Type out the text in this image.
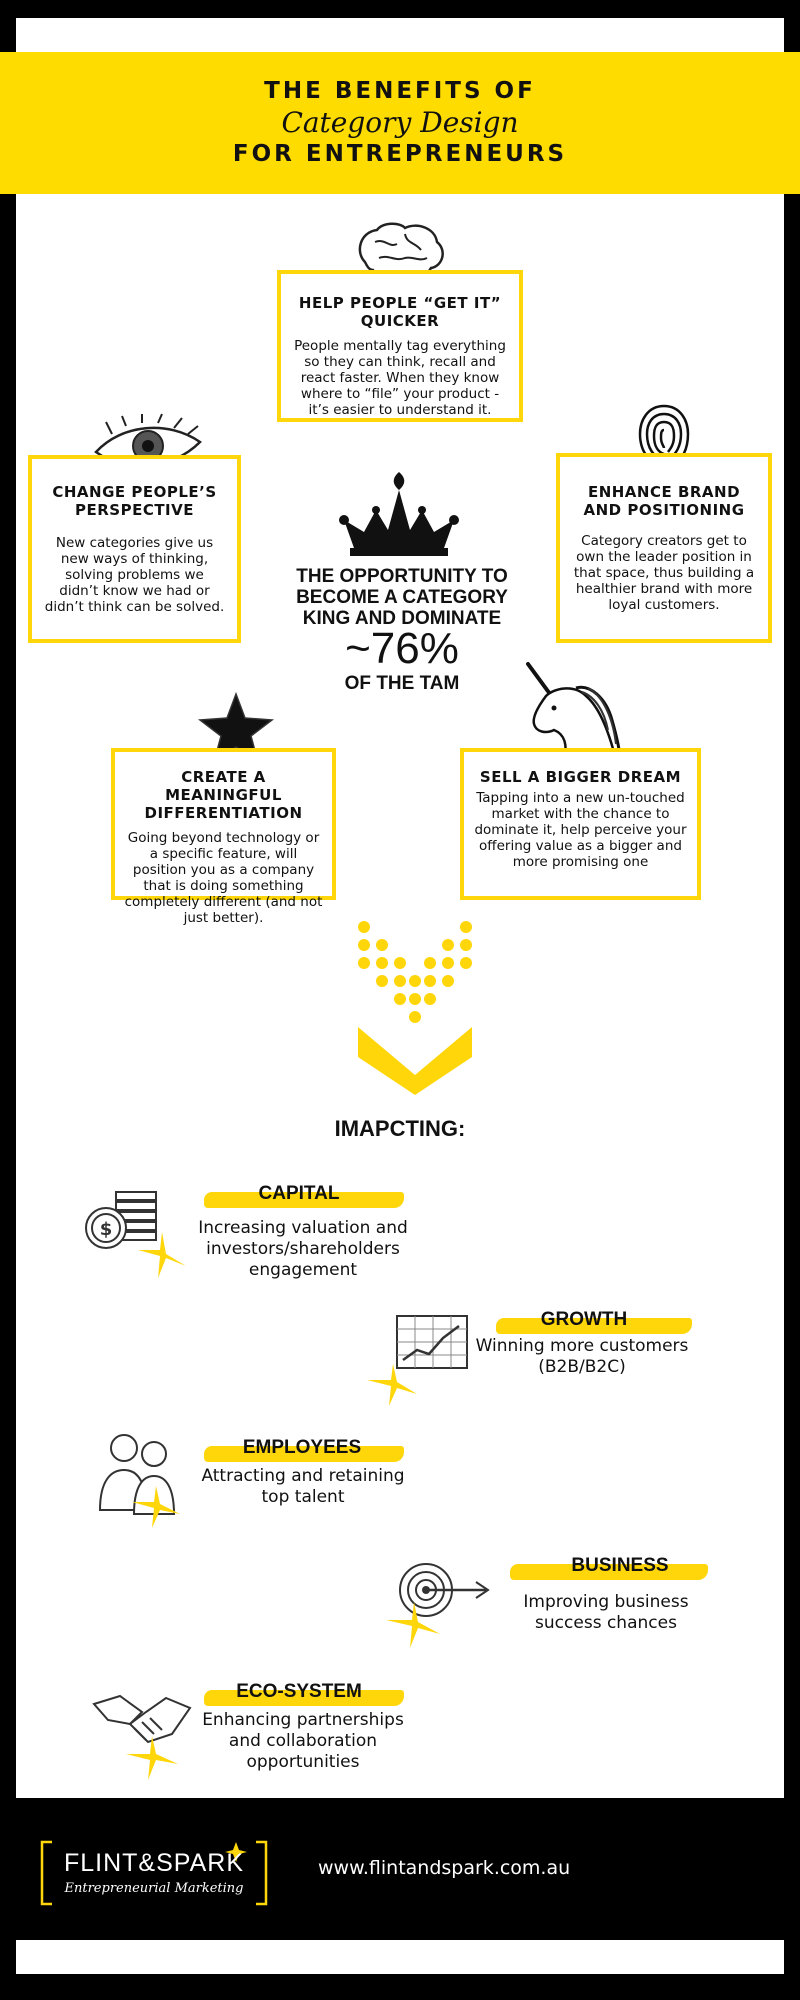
THE BENEFITS OF
Category Design
FOR ENTREPRENEURS
HELP PEOPLE “GET IT” QUICKER
People mentally tag everything so they can think, recall and react faster. When they know where to “file” your product - it’s easier to understand it.
CHANGE PEOPLE’S PERSPECTIVE
New categories give us new ways of thinking, solving problems we didn’t know we had or didn’t think can be solved.
ENHANCE BRAND AND POSITIONING
Category creators get to own the leader position in that space, thus building a healthier brand with more loyal customers.
THE OPPORTUNITY TO BECOME A CATEGORY KING AND DOMINATE
~76%
OF THE TAM
CREATE A MEANINGFUL DIFFERENTIATION
Going beyond technology or a specific feature, will position you as a company that is doing something completely different (and not just better).
SELL A BIGGER DREAM
Tapping into a new un-touched market with the chance to dominate it, help perceive your offering value as a bigger and more promising one
IMAPCTING:
$
CAPITAL
Increasing valuation and investors/shareholders engagement
GROWTH
Winning more customers (B2B/B2C)
EMPLOYEES
Attracting and retaining top talent
BUSINESS
Improving business success chances
ECO-SYSTEM
Enhancing partnerships and collaboration opportunities
FLINT&SPARK
Entrepreneurial Marketing
www.flintandspark.com.au
